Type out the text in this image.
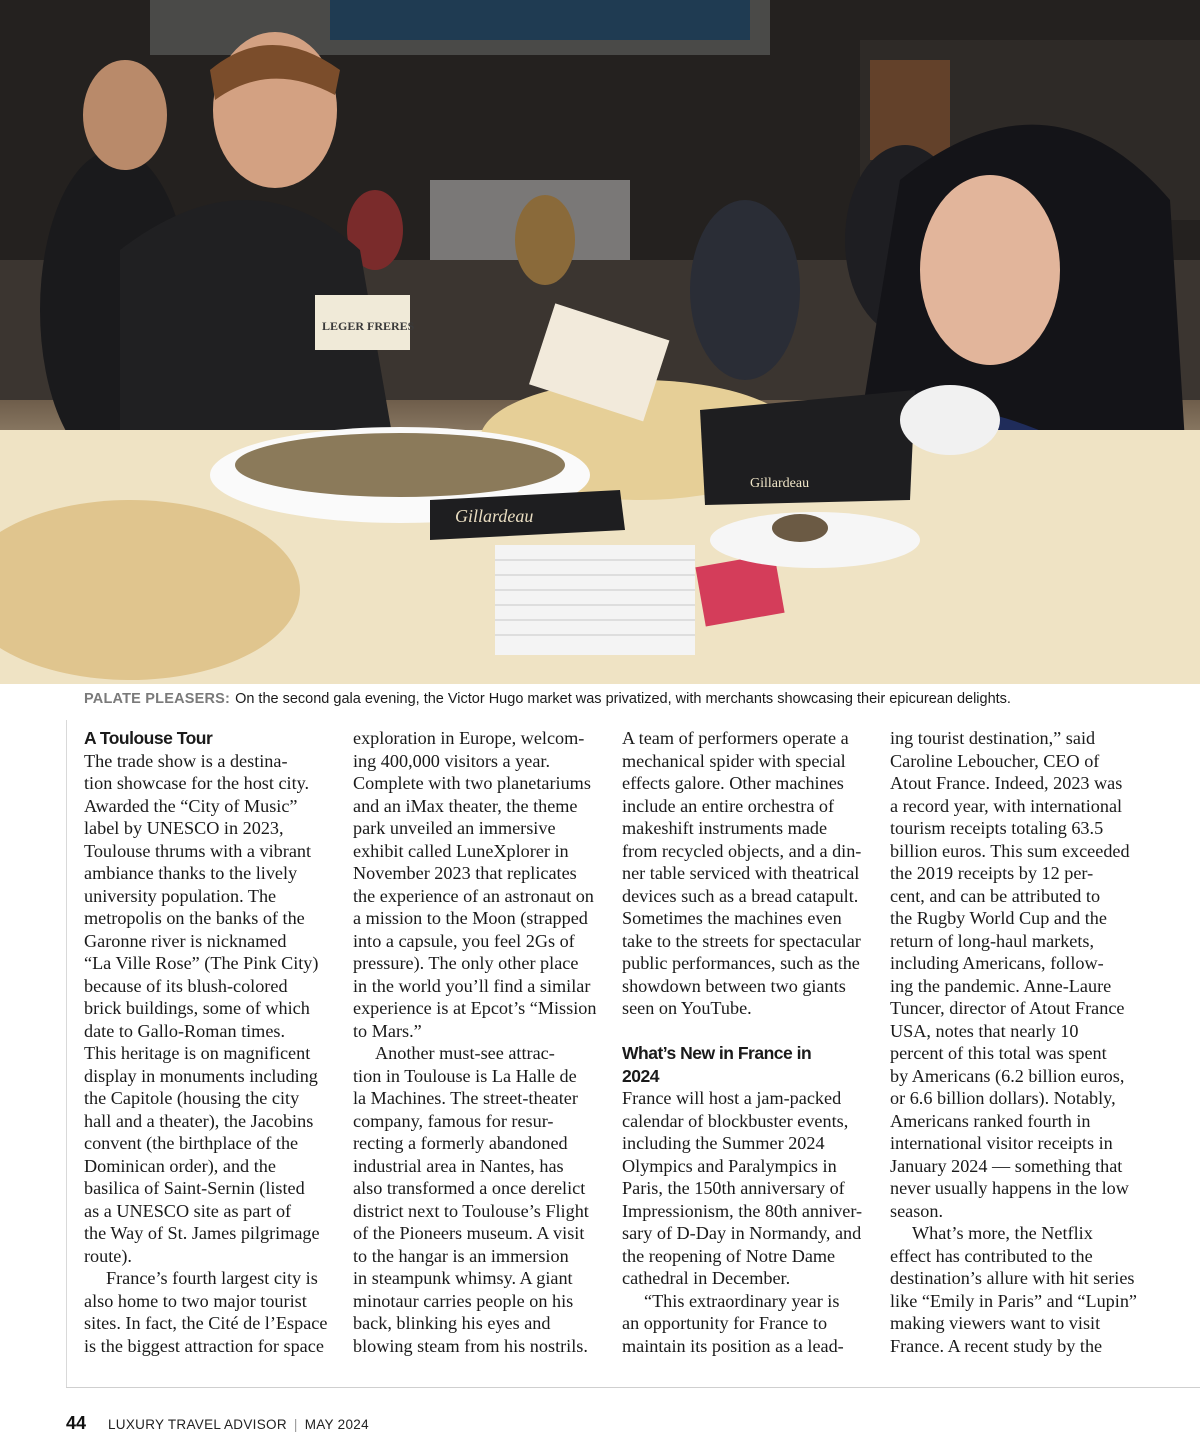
LEGER FRERES
Gillardeau
Gillardeau
PALATE PLEASERS: On the second gala evening, the Victor Hugo market was privatized, with merchants showcasing their epicurean delights.
A Toulouse Tour
The trade show is a destina-
tion showcase for the host city.
Awarded the “City of Music”
label by UNESCO in 2023,
Toulouse thrums with a vibrant
ambiance thanks to the lively
university population. The
metropolis on the banks of the
Garonne river is nicknamed
“La Ville Rose” (The Pink City)
because of its blush-colored
brick buildings, some of which
date to Gallo-Roman times.
This heritage is on magnificent
display in monuments including
the Capitole (housing the city
hall and a theater), the Jacobins
convent (the birthplace of the
Dominican order), and the
basilica of Saint-Sernin (listed
as a UNESCO site as part of
the Way of St. James pilgrimage
route).
France’s fourth largest city is
also home to two major tourist
sites. In fact, the Cité de l’Espace
is the biggest attraction for space
exploration in Europe, welcom-
ing 400,000 visitors a year.
Complete with two planetariums
and an iMax theater, the theme
park unveiled an immersive
exhibit called LuneXplorer in
November 2023 that replicates
the experience of an astronaut on
a mission to the Moon (strapped
into a capsule, you feel 2Gs of
pressure). The only other place
in the world you’ll find a similar
experience is at Epcot’s “Mission
to Mars.”
Another must-see attrac-
tion in Toulouse is La Halle de
la Machines. The street-theater
company, famous for resur-
recting a formerly abandoned
industrial area in Nantes, has
also transformed a once derelict
district next to Toulouse’s Flight
of the Pioneers museum. A visit
to the hangar is an immersion
in steampunk whimsy. A giant
minotaur carries people on his
back, blinking his eyes and
blowing steam from his nostrils.
A team of performers operate a
mechanical spider with special
effects galore. Other machines
include an entire orchestra of
makeshift instruments made
from recycled objects, and a din-
ner table serviced with theatrical
devices such as a bread catapult.
Sometimes the machines even
take to the streets for spectacular
public performances, such as the
showdown between two giants
seen on YouTube.
What’s New in France in
2024
France will host a jam-packed
calendar of blockbuster events,
including the Summer 2024
Olympics and Paralympics in
Paris, the 150th anniversary of
Impressionism, the 80th anniver-
sary of D-Day in Normandy, and
the reopening of Notre Dame
cathedral in December.
“This extraordinary year is
an opportunity for France to
maintain its position as a lead-
ing tourist destination,” said
Caroline Leboucher, CEO of
Atout France. Indeed, 2023 was
a record year, with international
tourism receipts totaling 63.5
billion euros. This sum exceeded
the 2019 receipts by 12 per-
cent, and can be attributed to
the Rugby World Cup and the
return of long-haul markets,
including Americans, follow-
ing the pandemic. Anne-Laure
Tuncer, director of Atout France
USA, notes that nearly 10
percent of this total was spent
by Americans (6.2 billion euros,
or 6.6 billion dollars). Notably,
Americans ranked fourth in
international visitor receipts in
January 2024 — something that
never usually happens in the low
season.
What’s more, the Netflix
effect has contributed to the
destination’s allure with hit series
like “Emily in Paris” and “Lupin”
making viewers want to visit
France. A recent study by the
44 LUXURY TRAVEL ADVISOR | MAY 2024
